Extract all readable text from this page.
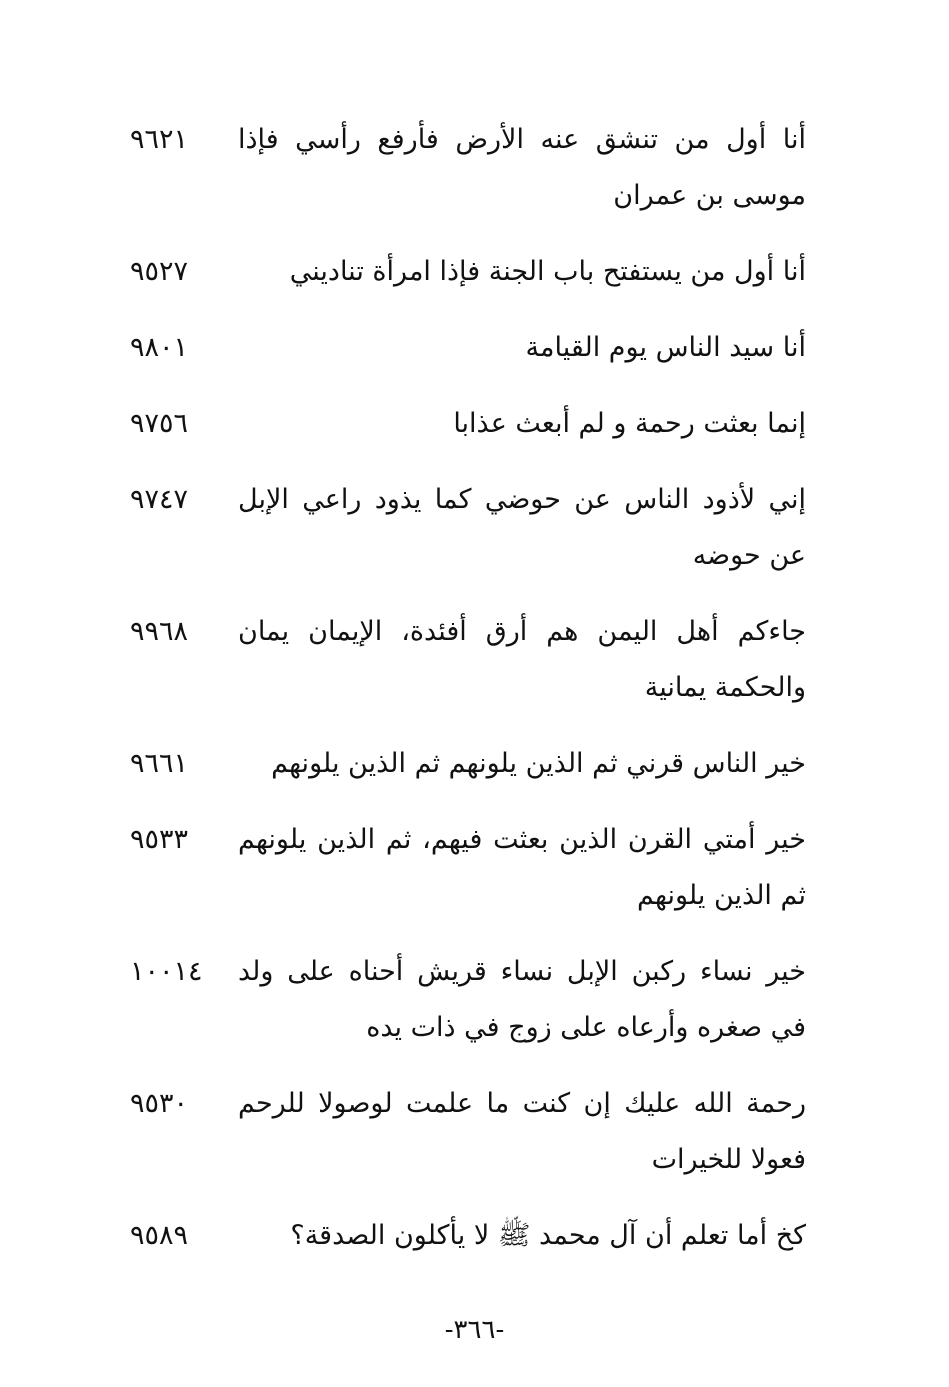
أنا أول من تنشق عنه الأرض فأرفع رأسي فإذا موسى بن عمران
٩٦٢١
أنا أول من يستفتح باب الجنة فإذا امرأة تناديني
٩٥٢٧
أنا سيد الناس يوم القيامة
٩٨٠١
إنما بعثت رحمة و لم أبعث عذابا
٩٧٥٦
إني لأذود الناس عن حوضي كما يذود راعي الإبل عن حوضه
٩٧٤٧
جاءكم أهل اليمن هم أرق أفئدة، الإيمان يمان والحكمة يمانية
٩٩٦٨
خير الناس قرني ثم الذين يلونهم ثم الذين يلونهم
٩٦٦١
خير أمتي القرن الذين بعثت فيهم، ثم الذين يلونهم ثم الذين يلونهم
٩٥٣٣
خير نساء ركبن الإبل نساء قريش أحناه على ولد في صغره وأرعاه على زوج في ذات يده
١٠٠١٤
رحمة الله عليك إن كنت ما علمت لوصولا للرحم فعولا للخيرات
٩٥٣٠
كخ أما تعلم أن آل محمد ﷺ لا يأكلون الصدقة؟
٩٥٨٩
-٣٦٦-
